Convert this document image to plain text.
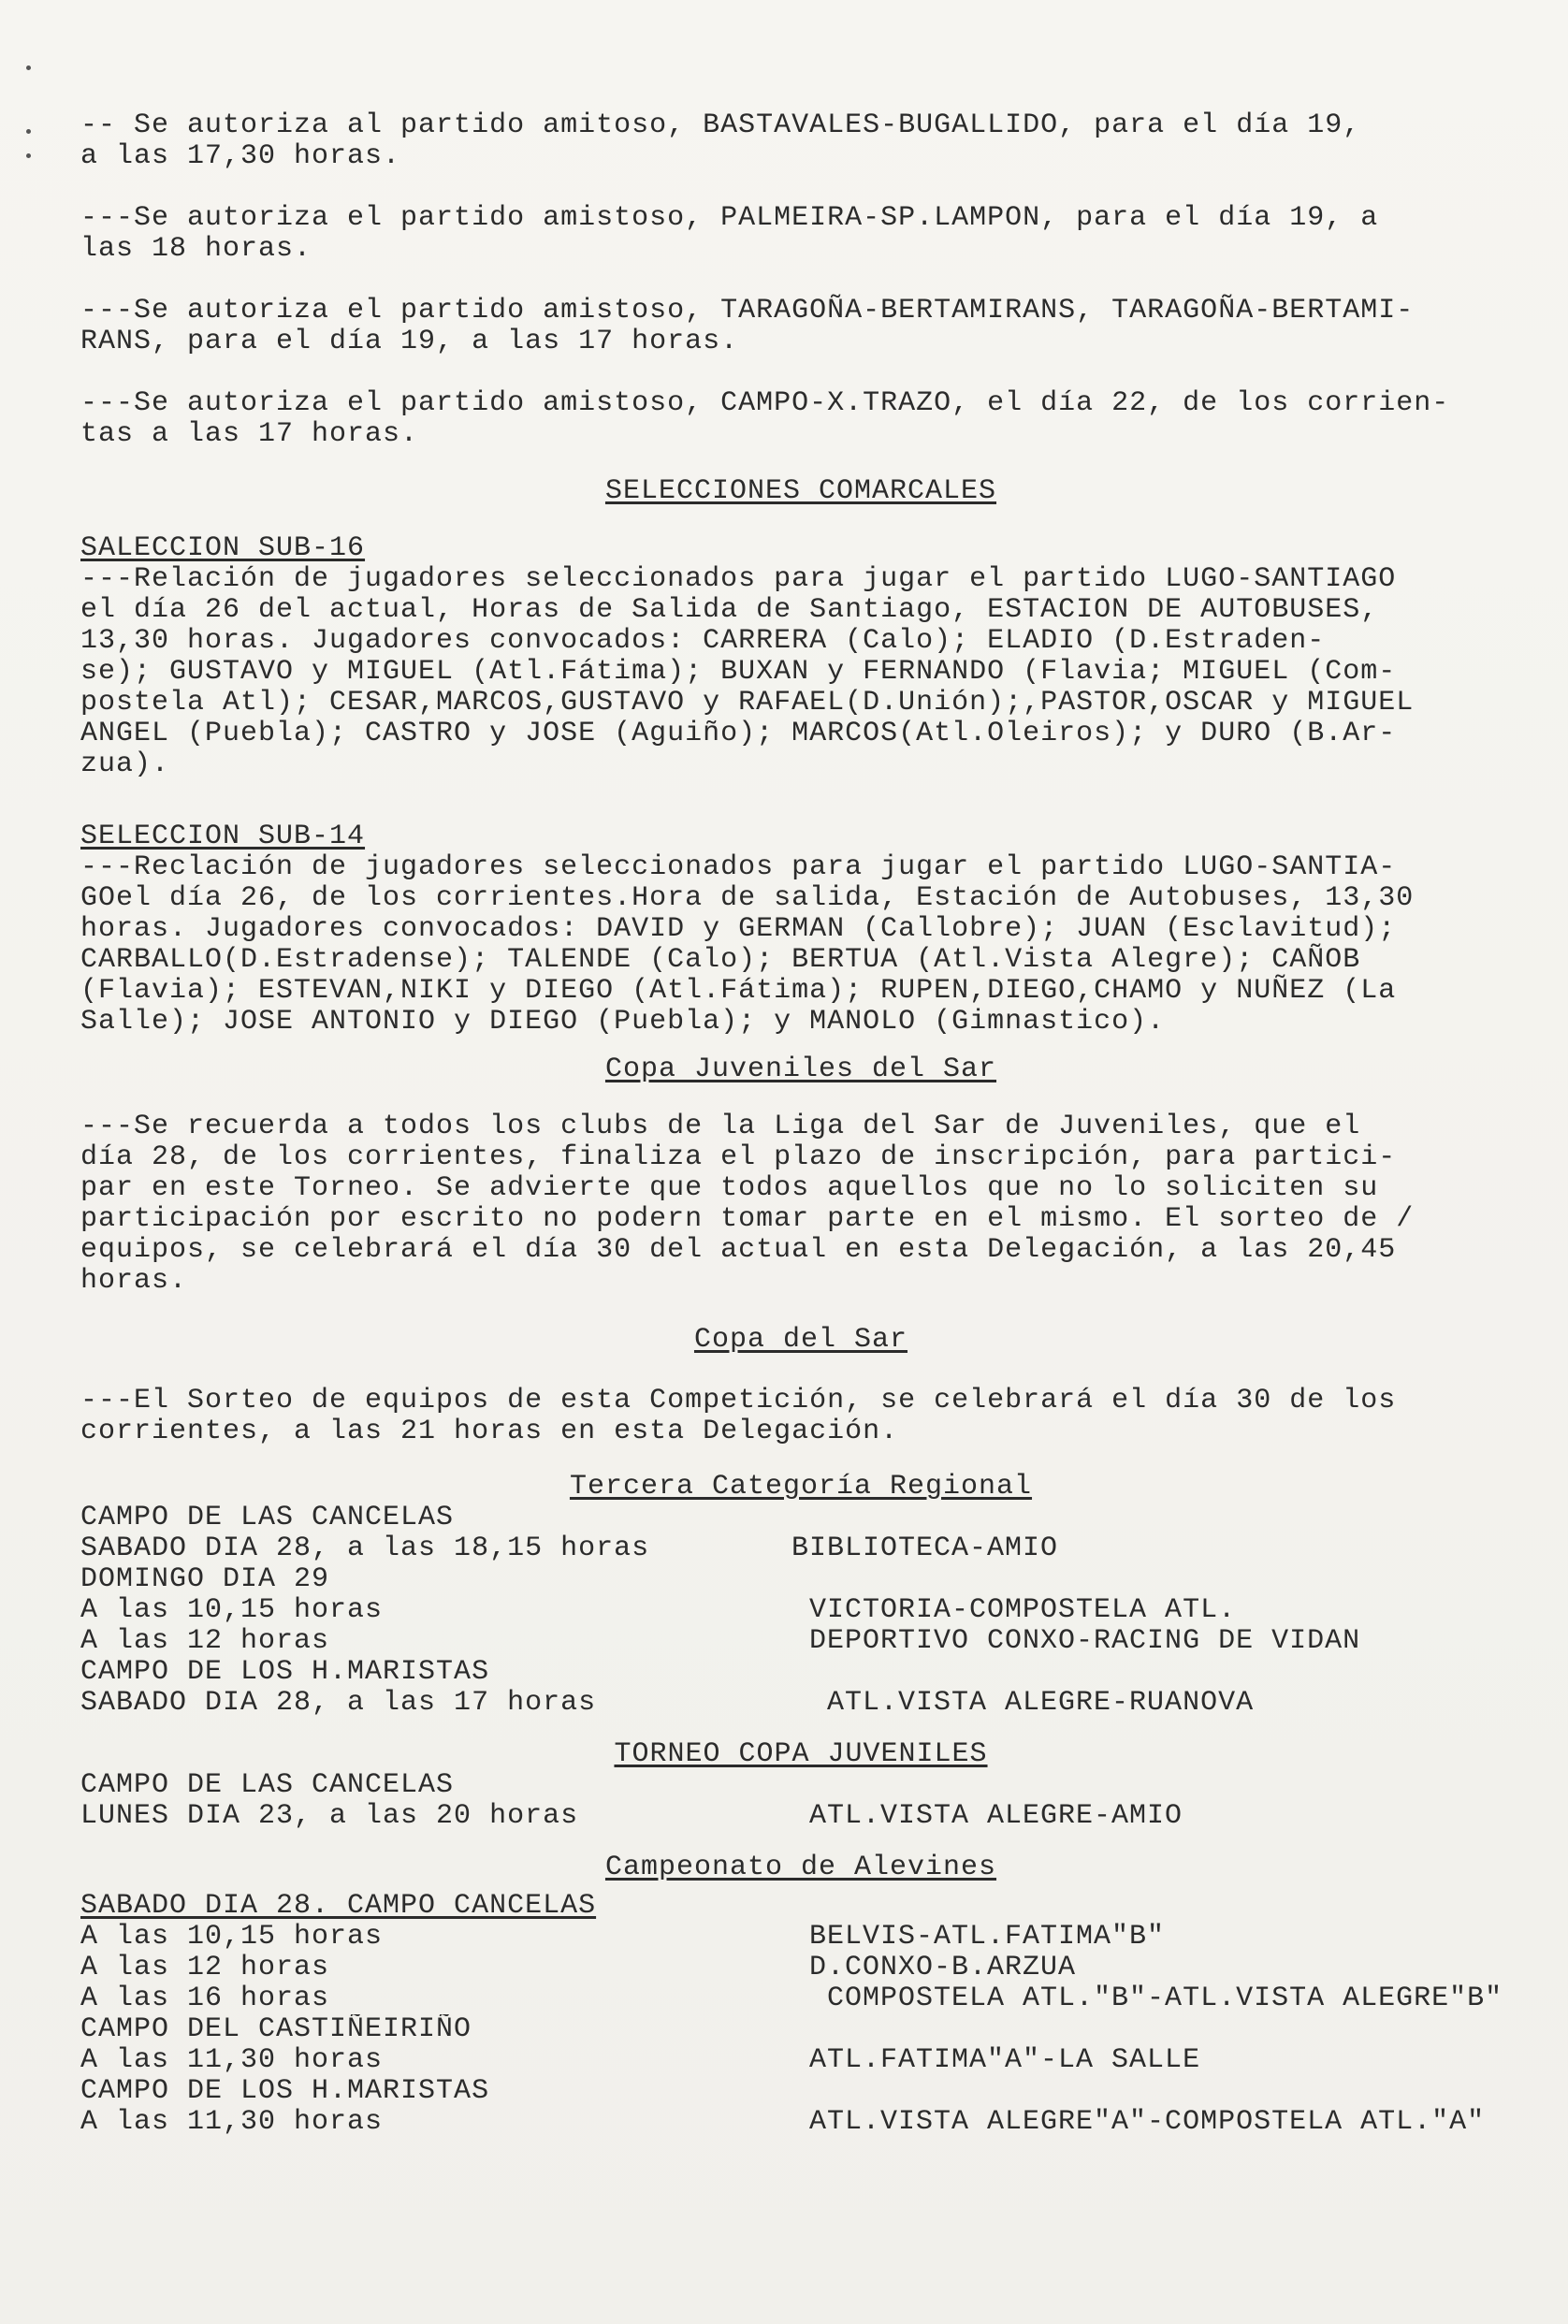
-- Se autoriza al partido amitoso, BASTAVALES-BUGALLIDO, para el día 19,
a las 17,30 horas.

---Se autoriza el partido amistoso, PALMEIRA-SP.LAMPON, para el día 19, a
las 18 horas.

---Se autoriza el partido amistoso, TARAGOÑA-BERTAMIRANS, TARAGOÑA-BERTAMI-
RANS, para el día 19, a las 17 horas.

---Se autoriza el partido amistoso, CAMPO-X.TRAZO, el día 22, de los corrien-
tas a las 17 horas.

SELECCIONES COMARCALES
SALECCION SUB-16

---Relación de jugadores seleccionados para jugar el partido LUGO-SANTIAGO
el día 26 del actual, Horas de Salida de Santiago, ESTACION DE AUTOBUSES,
13,30 horas. Jugadores convocados: CARRERA (Calo); ELADIO (D.Estraden-
se); GUSTAVO y MIGUEL (Atl.Fátima); BUXAN y FERNANDO (Flavia; MIGUEL (Com-
postela Atl); CESAR,MARCOS,GUSTAVO y RAFAEL(D.Unión);,PASTOR,OSCAR y MIGUEL
ANGEL (Puebla); CASTRO y JOSE (Aguiño); MARCOS(Atl.Oleiros); y DURO (B.Ar-
zua).

SELECCION SUB-14

---Reclación de jugadores seleccionados para jugar el partido LUGO-SANTIA-
GOel día 26, de los corrientes.Hora de salida, Estación de Autobuses, 13,30
horas. Jugadores convocados: DAVID y GERMAN (Callobre); JUAN (Esclavitud);
CARBALLO(D.Estradense); TALENDE (Calo); BERTUA (Atl.Vista Alegre); CAÑOB
(Flavia); ESTEVAN,NIKI y DIEGO (Atl.Fátima); RUPEN,DIEGO,CHAMO y NUÑEZ (La
Salle); JOSE ANTONIO y DIEGO (Puebla); y MANOLO (Gimnastico).

Copa Juveniles del Sar

---Se recuerda a todos los clubs de la Liga del Sar de Juveniles, que el
día 28, de los corrientes, finaliza el plazo de inscripción, para partici-
par en este Torneo. Se advierte que todos aquellos que no lo soliciten su
participación por escrito no podern tomar parte en el mismo. El sorteo de /
equipos, se celebrará el día 30 del actual en esta Delegación, a las 20,45
horas.

Copa del Sar

---El Sorteo de equipos de esta Competición, se celebrará el día 30 de los
corrientes, a las 21 horas en esta Delegación.

Tercera Categoría Regional
CAMPO DE LAS CANCELAS
SABADO DIA 28, a las 18,15 horas
DOMINGO DIA 29
A las 10,15 horas
A las 12 horas
CAMPO DE LOS H.MARISTAS
SABADO DIA 28, a las 17 horas
BIBLIOTECA-AMIO
VICTORIA-COMPOSTELA ATL.
DEPORTIVO CONXO-RACING DE VIDAN
ATL.VISTA ALEGRE-RUANOVA
TORNEO COPA JUVENILES
CAMPO DE LAS CANCELAS
LUNES DIA 23, a las 20 horas	ATL.VISTA ALEGRE-AMIO
Campeonato de Alevines
SABADO DIA 28. CAMPO CANCELAS
A las 10,15 horas
A las 12 horas
A las 16 horas
CAMPO DEL CASTIÑEIRIÑO
A las 11,30 horas
CAMPO DE LOS H.MARISTAS
A las 11,30 horas
BELVIS-ATL.FATIMA"B"
D.CONXO-B.ARZUA
COMPOSTELA ATL."B"-ATL.VISTA ALEGRE"B"
ATL.FATIMA"A"-LA SALLE
ATL.VISTA ALEGRE"A"-COMPOSTELA ATL."A"
